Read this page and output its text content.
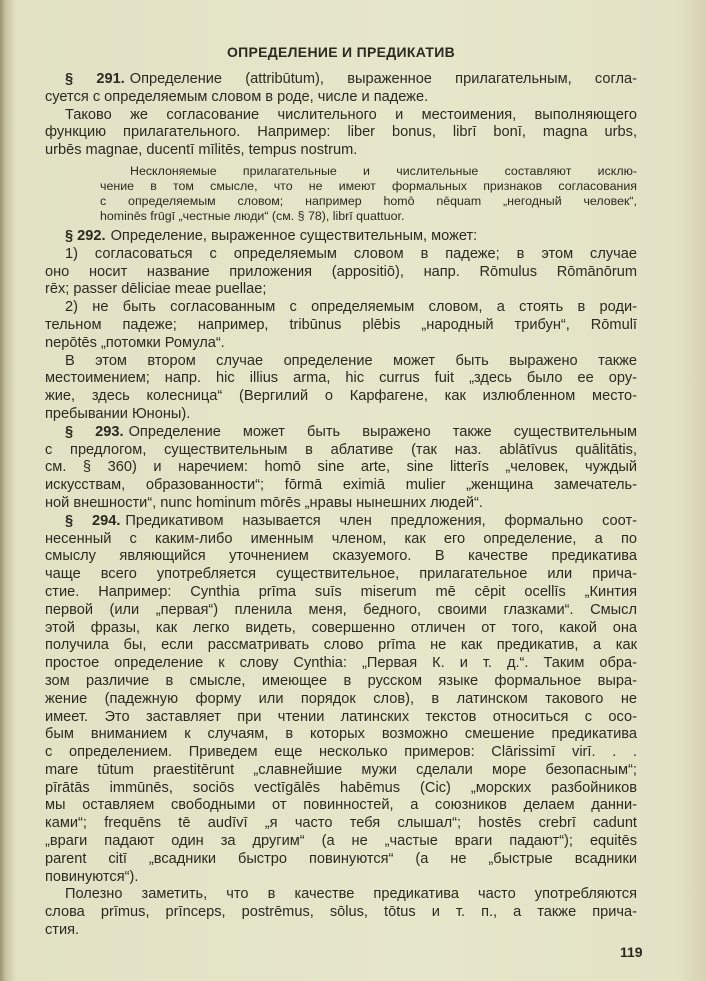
ОПРЕДЕЛЕНИЕ И ПРЕДИКАТИВ
§ 291. Определение (attribūtum), выраженное прилагательным, согла-
суется с определяемым словом в роде, числе и падеже.
Таково же согласование числительного и местоимения, выполняющего
функцию прилагательного. Например: liber bonus, librī bonī, magna urbs,
urbēs magnae, ducentī mīlitēs, tempus nostrum.
Несклоняемые прилагательные и числительные составляют исклю-
чение в том смысле, что не имеют формальных признаков согласования
с определяемым словом; например homō nēquam „негодный человек“,
hominēs frūgī „честные люди“ (см. § 78), librī quattuor.
§ 292. Определение, выраженное существительным, может:
1) согласоваться с определяемым словом в падеже; в этом случае
оно носит название приложения (appositiō), напр. Rōmulus Rōmānōrum
rēx; passer dēliciae meae puellae;
2) не быть согласованным с определяемым словом, а стоять в роди-
тельном падеже; например, tribūnus plēbis „народный трибун“, Rōmulī
nepōtēs „потомки Ромула“.
В этом втором случае определение может быть выражено также
местоимением; напр. hic illius arma, hic currus fuit „здесь было ее ору-
жие, здесь колесница“ (Вергилий о Карфагене, как излюбленном место-
пребывании Юноны).
§ 293. Определение может быть выражено также существительным
с предлогом, существительным в аблативе (так наз. ablātīvus quālitātis,
см. § 360) и наречием: homō sine arte, sine litterīs „человек, чуждый
искусствам, образованности“; fōrmā eximiā mulier „женщина замечатель-
ной внешности“, nunc hominum mōrēs „нравы нынешних людей“.
§ 294. Предикативом называется член предложения, формально соот-
несенный с каким-либо именным членом, как его определение, а по
смыслу являющийся уточнением сказуемого. В качестве предикатива
чаще всего употребляется существительное, прилагательное или прича-
стие. Например: Cynthia prīma suīs miserum mē cēpit ocellīs „Кинтия
первой (или „первая“) пленила меня, бедного, своими глазками“. Смысл
этой фразы, как легко видеть, совершенно отличен от того, какой она
получила бы, если рассматривать слово prīma не как предикатив, а как
простое определение к слову Cynthia: „Первая К. и т. д.“. Таким обра-
зом различие в смысле, имеющее в русском языке формальное выра-
жение (падежную форму или порядок слов), в латинском такового не
имеет. Это заставляет при чтении латинских текстов относиться с осо-
бым вниманием к случаям, в которых возможно смешение предикатива
с определением. Приведем еще несколько примеров: Clārissimī virī. . .
mare tūtum praestitērunt „славнейшие мужи сделали море безопасным“;
pīrātās immūnēs, sociōs vectīgālēs habēmus (Cic) „морских разбойников
мы оставляем свободными от повинностей, а союзников делаем данни-
ками“; frequēns tē audīvī „я часто тебя слышал“; hostēs crebrī cadunt
„враги падают один за другим“ (а не „частые враги падают“); equitēs
parent citī „всадники быстро повинуются“ (а не „быстрые всадники
повинуются“).
Полезно заметить, что в качестве предикатива часто употребляются
слова prīmus, prīnceps, postrēmus, sōlus, tōtus и т. п., а также прича-
стия.
119
